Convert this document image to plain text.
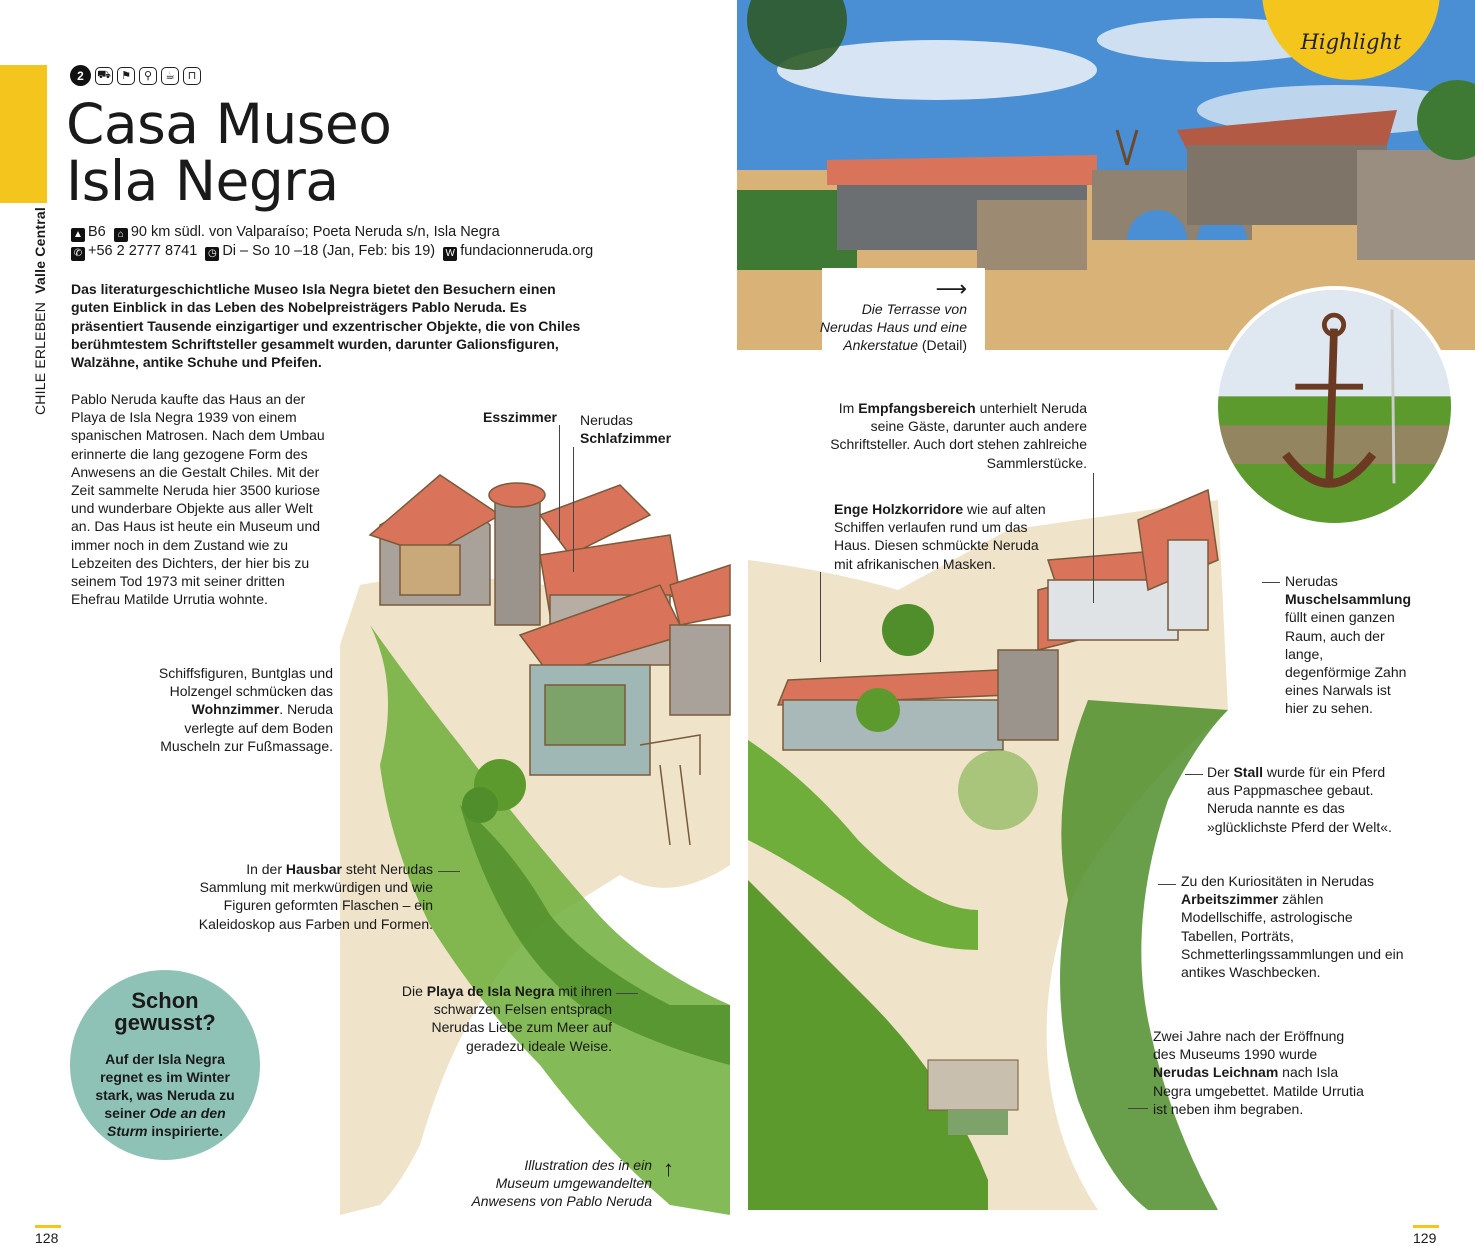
CHILE ERLEBEN  Valle Central
2	⛟ ⚑	⚲	☕	⊓
Casa Museo
Isla Negra
▲ B6 ⌂ 90 km südl. von Valparaíso; Poeta Neruda s/n, Isla Negra
✆ +56 2 2777 8741 ◷ Di – So 10 –18 (Jan, Feb: bis 19) W fundacionneruda.org

Das literaturgeschichtliche Museo Isla Negra bietet den Besuchern einen guten Einblick in das Leben des Nobelpreisträgers Pablo Neruda. Es präsentiert Tausende einzigartiger und exzentrischer Objekte, die von Chiles berühmtestem Schriftsteller gesammelt wurden, darunter Galionsfiguren, Walzähne, antike Schuhe und Pfeifen.

Pablo Neruda kaufte das Haus an der Playa de Isla Negra 1939 von einem spanischen Matrosen. Nach dem Umbau erinnerte die lang gezogene Form des Anwesens an die Gestalt Chiles. Mit der Zeit sammelte Neruda hier 3500 kuriose und wunderbare Objekte aus aller Welt an. Das Haus ist heute ein Museum und immer noch in dem Zustand wie zu Lebzeiten des Dichters, der hier bis zu seinem Tod 1973 mit seiner dritten Ehefrau Matilde Urrutia wohnte.

Esszimmer Nerudas
Schlafzimmer
Schiffsfiguren, Buntglas und Holzengel schmücken das Wohnzimmer. Neruda verlegte auf dem Boden Muscheln zur Fußmassage.
In der Hausbar steht Nerudas Sammlung mit merkwürdigen und wie Figuren geformten Flaschen – ein Kaleidoskop aus Farben und Formen.
Die Playa de Isla Negra mit ihren schwarzen Felsen entsprach Nerudas Liebe zum Meer auf geradezu ideale Weise.
Schon
gewusst?
Auf der Isla Negra regnet es im Winter stark, was Neruda zu seiner Ode an den Sturm inspirierte.
Illustration des in ein Museum umgewandelten Anwesens von Pablo Neruda
↑
128
⟶
Die Terrasse von
Nerudas Haus und eine
Ankerstatue (Detail)
Highlight
Im Empfangsbereich unterhielt Neruda seine Gäste, darunter auch andere Schriftsteller. Auch dort stehen zahlreiche Sammlerstücke.
Enge Holzkorridore wie auf alten Schiffen verlaufen rund um das Haus. Diesen schmückte Neruda mit afrikanischen Masken.
Nerudas Muschelsammlung füllt einen ganzen Raum, auch der lange, degenförmige Zahn eines Narwals ist hier zu sehen.
Der Stall wurde für ein Pferd aus Pappmaschee gebaut. Neruda nannte es das »glücklichste Pferd der Welt«.
Zu den Kuriositäten in Nerudas Arbeitszimmer zählen Modellschiffe, astrologische Tabellen, Porträts, Schmetterlingssammlungen und ein antikes Waschbecken.
Zwei Jahre nach der Eröffnung des Museums 1990 wurde Nerudas Leichnam nach Isla Negra umgebettet. Matilde Urrutia ist neben ihm begraben.
129
